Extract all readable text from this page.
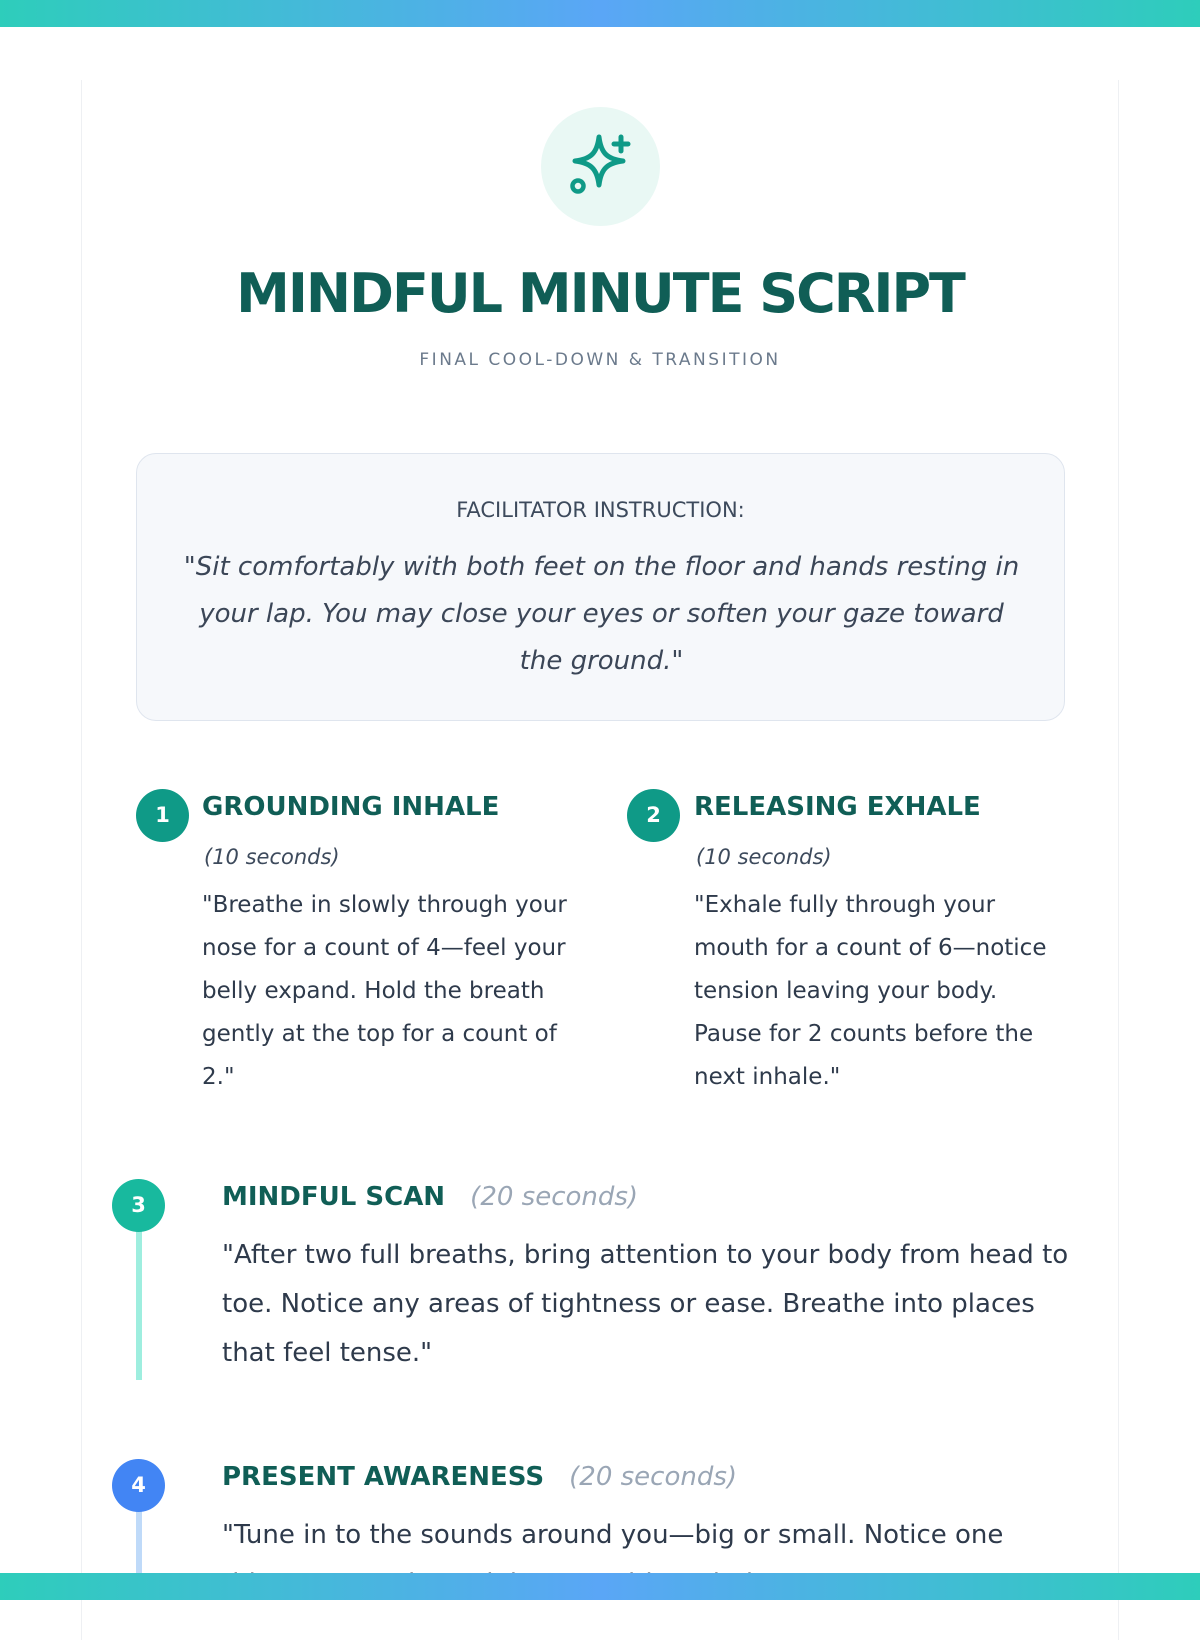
MINDFUL MINUTE SCRIPT
FINAL COOL-DOWN & TRANSITION
FACILITATOR INSTRUCTION:
"Sit comfortably with both feet on the floor and hands resting in your lap. You may close your eyes or soften your gaze toward the ground."
1	GROUNDING INHALE
(10 seconds)
"Breathe in slowly through your nose for a count of 4—feel your belly expand. Hold the breath gently at the top for a count of 2."
2	RELEASING EXHALE
(10 seconds)
"Exhale fully through your mouth for a count of 6—notice tension leaving your body. Pause for 2 counts before the next inhale."
3	MINDFUL SCAN (20 seconds)
"After two full breaths, bring attention to your body from head to toe. Notice any areas of tightness or ease. Breathe into places that feel tense."
4	PRESENT AWARENESS (20 seconds)
"Tune in to the sounds around you—big or small. Notice one
